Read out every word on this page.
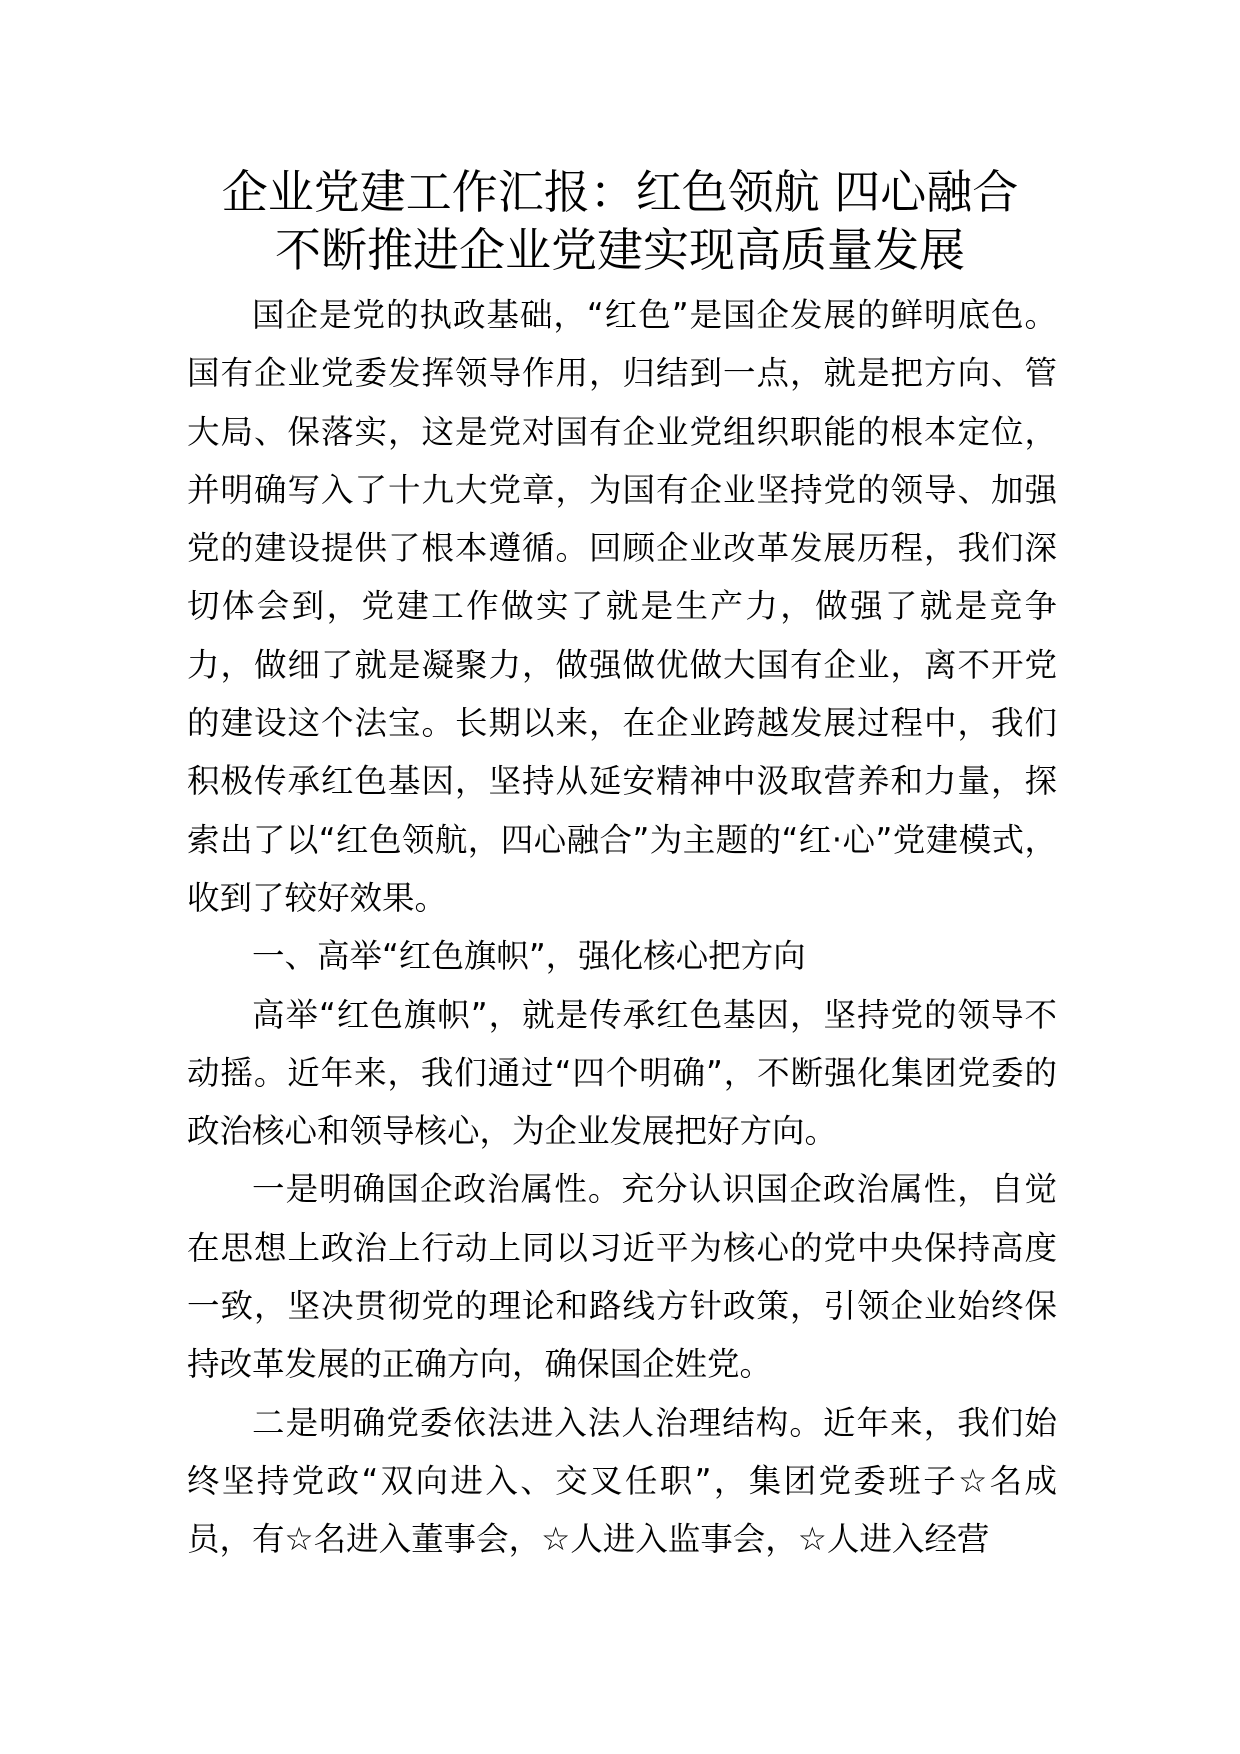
企业党建工作汇报：红色领航 四心融合
不断推进企业党建实现高质量发展

国企是党的执政基础，“红色”是国企发展的鲜明底色。国有企业党委发挥领导作用，归结到一点，就是把方向、管大局、保落实，这是党对国有企业党组织职能的根本定位，并明确写入了十九大党章，为国有企业坚持党的领导、加强党的建设提供了根本遵循。回顾企业改革发展历程，我们深切体会到，党建工作做实了就是生产力，做强了就是竞争力，做细了就是凝聚力，做强做优做大国有企业，离不开党的建设这个法宝。长期以来，在企业跨越发展过程中，我们积极传承红色基因，坚持从延安精神中汲取营养和力量，探索出了以“红色领航，四心融合”为主题的“红·心”党建模式，收到了较好效果。

一、高举“红色旗帜”，强化核心把方向

高举“红色旗帜”，就是传承红色基因，坚持党的领导不动摇。近年来，我们通过“四个明确”，不断强化集团党委的政治核心和领导核心，为企业发展把好方向。

一是明确国企政治属性。充分认识国企政治属性，自觉在思想上政治上行动上同以习近平为核心的党中央保持高度一致，坚决贯彻党的理论和路线方针政策，引领企业始终保持改革发展的正确方向，确保国企姓党。

二是明确党委依法进入法人治理结构。近年来，我们始终坚持党政“双向进入、交叉任职”，集团党委班子☆名成员，有☆名进入董事会，☆人进入监事会，☆人进入经营
